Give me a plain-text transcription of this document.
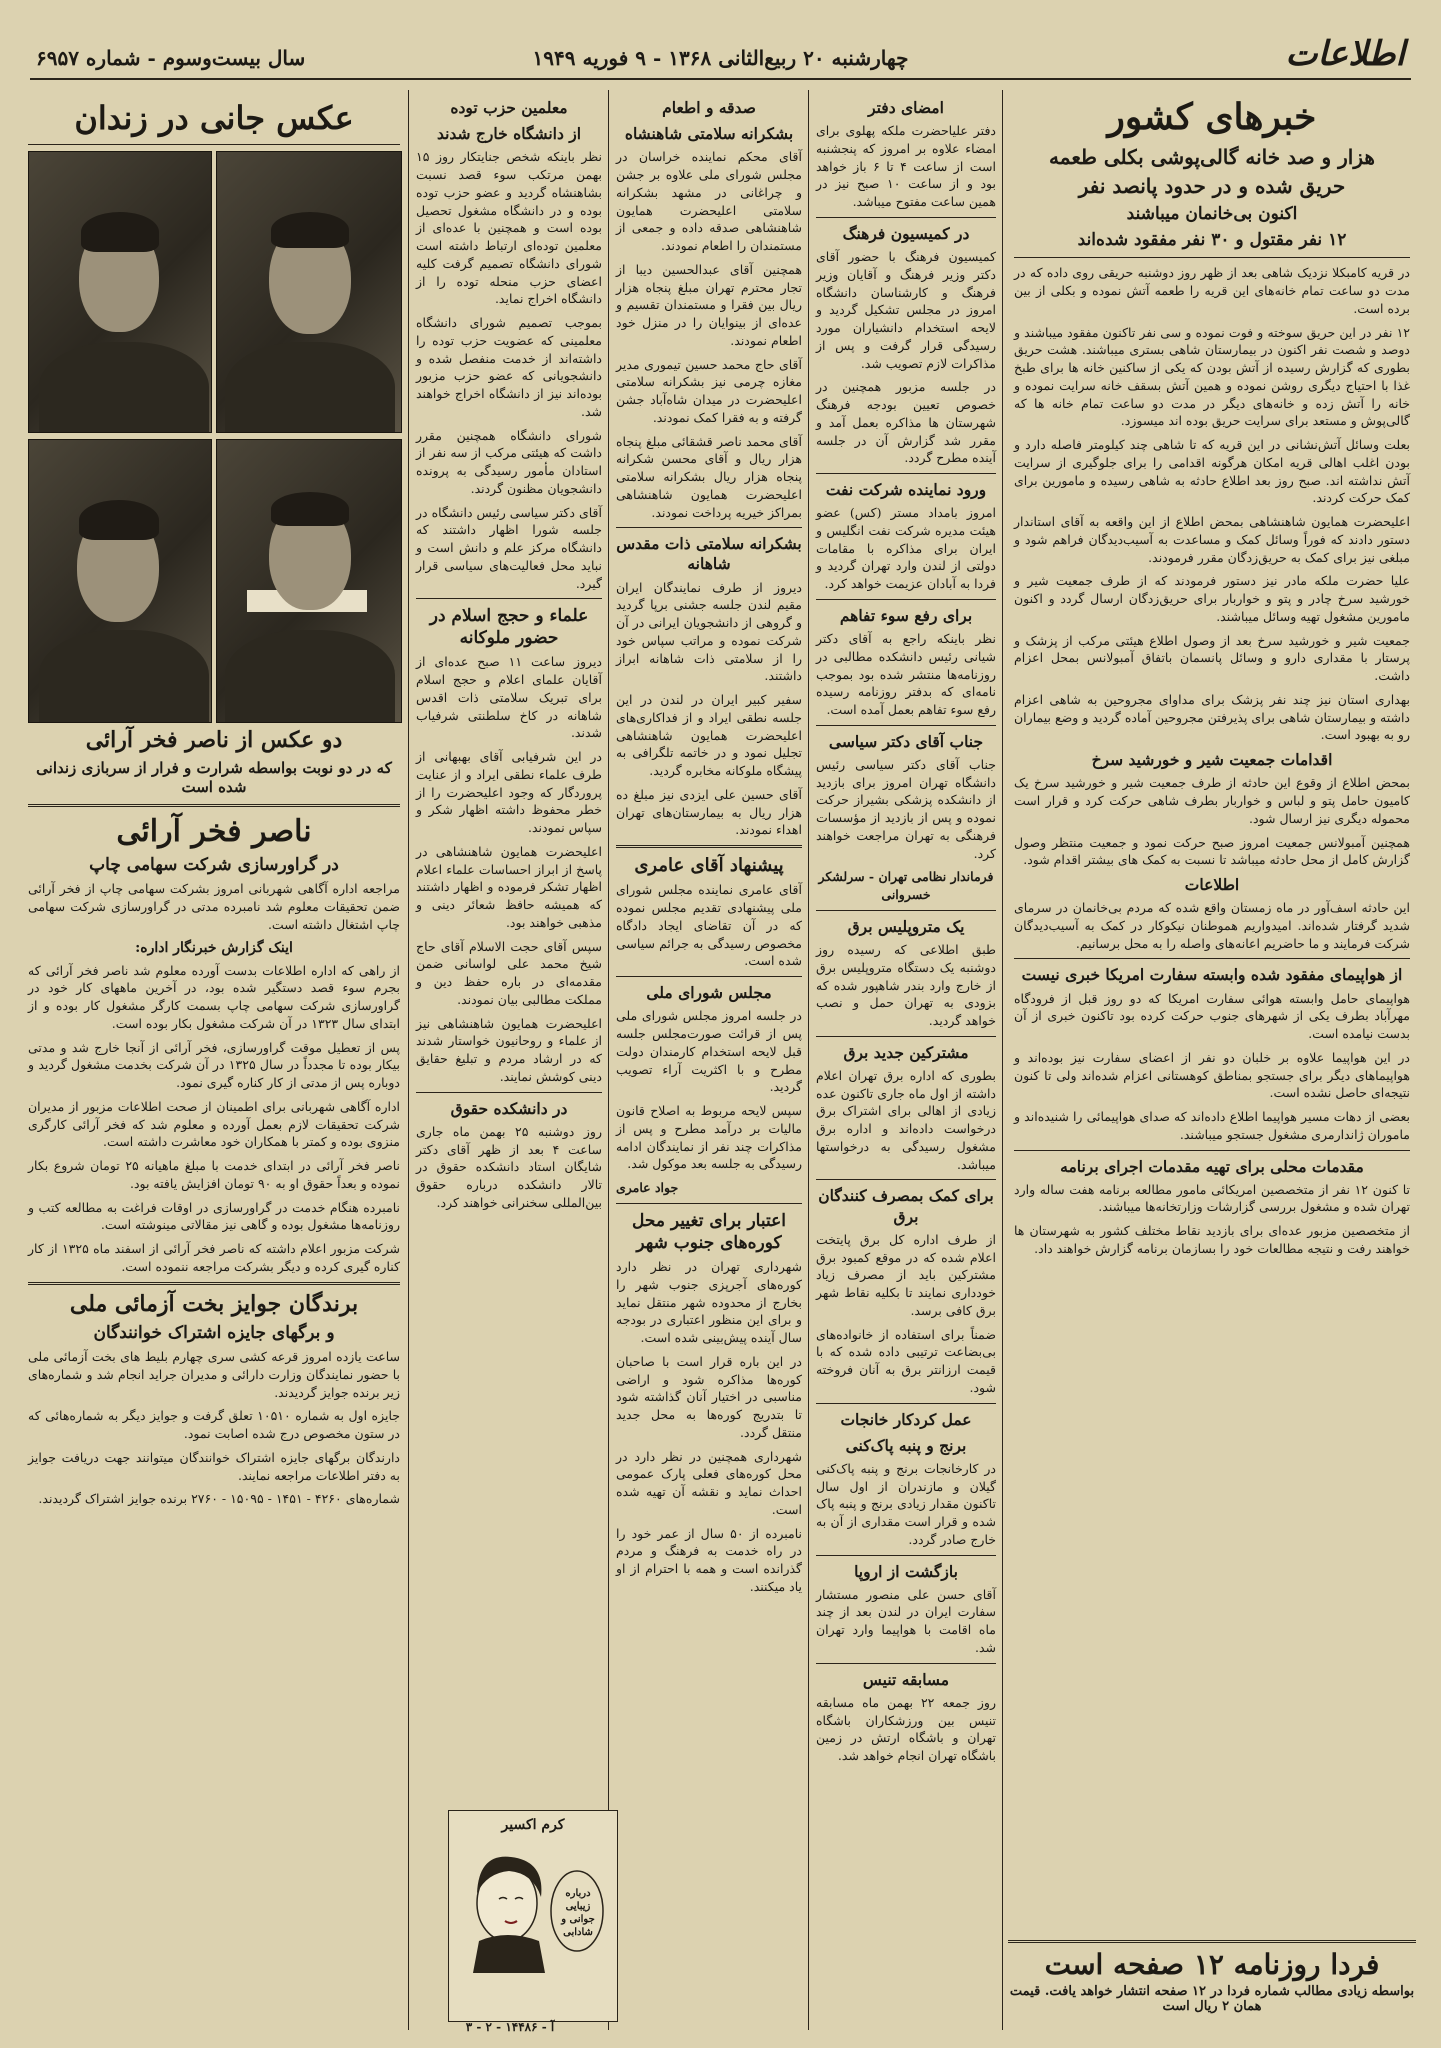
اطلاعات
چهارشنبه ۲۰ ربیع‌الثانی ۱۳۶۸ - ۹ فوریه ۱۹۴۹
سال بیست‌وسوم - شماره ۶۹۵۷
خبرهای کشور
هزار و صد خانه گالی‌پوشی بکلی طعمه
حریق شده و در حدود پانصد نفر
اکنون بی‌خانمان میباشند
۱۲ نفر مقتول و ۳۰ نفر مفقود شده‌اند

در قریه کامبکلا نزدیک شاهی بعد از ظهر روز دوشنبه حریقی روی داده که در مدت دو ساعت تمام خانه‌های این قریه را طعمه آتش نموده و بکلی از بین برده است.

۱۲ نفر در این حریق سوخته و فوت نموده و سی نفر تاکنون مفقود میباشند و دوصد و شصت نفر اکنون در بیمارستان شاهی بستری میباشند. هشت حریق بطوری که گزارش رسیده از آتش بودن که یکی از ساکنین خانه ها برای طبخ غذا با احتیاج دیگری روشن نموده و همین آتش بسقف خانه سرایت نموده و خانه را آتش زده و خانه‌های دیگر در مدت دو ساعت تمام خانه ها که گالی‌پوش و مستعد برای سرایت حریق بوده اند میسوزد.

بعلت وسائل آتش‌نشانی در این قریه که تا شاهی چند کیلومتر فاصله دارد و بودن اغلب اهالی قریه امکان هرگونه اقدامی را برای جلوگیری از سرایت آتش نداشته اند. صبح روز بعد اطلاع حادثه به شاهی رسیده و مامورین برای کمک حرکت کردند.

اعلیحضرت همایون شاهنشاهی بمحض اطلاع از این واقعه به آقای استاندار دستور دادند که فوراً وسائل کمک و مساعدت به آسیب‌دیدگان فراهم شود و مبلغی نیز برای کمک به حریق‌زدگان مقرر فرمودند.

علیا حضرت ملکه مادر نیز دستور فرمودند که از طرف جمعیت شیر و خورشید سرخ چادر و پتو و خواربار برای حریق‌زدگان ارسال گردد و اکنون مامورین مشغول تهیه وسائل میباشند.

جمعیت شیر و خورشید سرخ بعد از وصول اطلاع هیئتی مرکب از پزشک و پرستار با مقداری دارو و وسائل پانسمان باتفاق آمبولانس بمحل اعزام داشت.

بهداری استان نیز چند نفر پزشک برای مداوای مجروحین به شاهی اعزام داشته و بیمارستان شاهی برای پذیرفتن مجروحین آماده گردید و وضع بیماران رو به بهبود است.

اقدامات جمعیت شیر و خورشید سرخ

بمحض اطلاع از وقوع این حادثه از طرف جمعیت شیر و خورشید سرخ یک کامیون حامل پتو و لباس و خواربار بطرف شاهی حرکت کرد و قرار است محموله دیگری نیز ارسال شود.

همچنین آمبولانس جمعیت امروز صبح حرکت نمود و جمعیت منتظر وصول گزارش کامل از محل حادثه میباشد تا نسبت به کمک های بیشتر اقدام شود.

اطلاعات

این حادثه اسف‌آور در ماه زمستان واقع شده که مردم بی‌خانمان در سرمای شدید گرفتار شده‌اند. امیدواریم هموطنان نیکوکار در کمک به آسیب‌دیدگان شرکت فرمایند و ما حاضریم اعانه‌های واصله را به محل برسانیم.

از هواپیمای مفقود شده وابسته سفارت امریکا خبری نیست

هواپیمای حامل وابسته هوائی سفارت امریکا که دو روز قبل از فرودگاه مهرآباد بطرف یکی از شهرهای جنوب حرکت کرده بود تاکنون خبری از آن بدست نیامده است.

در این هواپیما علاوه بر خلبان دو نفر از اعضای سفارت نیز بوده‌اند و هواپیماهای دیگر برای جستجو بمناطق کوهستانی اعزام شده‌اند ولی تا کنون نتیجه‌ای حاصل نشده است.

بعضی از دهات مسیر هواپیما اطلاع داده‌اند که صدای هواپیمائی را شنیده‌اند و ماموران ژاندارمری مشغول جستجو میباشند.

مقدمات محلی برای تهیه مقدمات اجرای برنامه

تا کنون ۱۲ نفر از متخصصین امریکائی مامور مطالعه برنامه هفت ساله وارد تهران شده و مشغول بررسی گزارشات وزارتخانه‌ها میباشند.

از متخصصین مزبور عده‌ای برای بازدید نقاط مختلف کشور به شهرستان ها خواهند رفت و نتیجه مطالعات خود را بسازمان برنامه گزارش خواهند داد.

فردا روزنامه ۱۲ صفحه است
بواسطه زیادی مطالب شماره فردا در ۱۲ صفحه انتشار خواهد یافت. قیمت همان ۲ ریال است
امضای دفتر

دفتر علیاحضرت ملکه پهلوی برای امضاء علاوه بر امروز که پنجشنبه است از ساعت ۴ تا ۶ باز خواهد بود و از ساعت ۱۰ صبح نیز در همین ساعت مفتوح میباشد.

در کمیسیون فرهنگ

کمیسیون فرهنگ با حضور آقای دکتر وزیر فرهنگ و آقایان وزیر فرهنگ و کارشناسان دانشگاه امروز در مجلس تشکیل گردید و لایحه استخدام دانشیاران مورد رسیدگی قرار گرفت و پس از مذاکرات لازم تصویب شد.

در جلسه مزبور همچنین در خصوص تعیین بودجه فرهنگ شهرستان ها مذاکره بعمل آمد و مقرر شد گزارش آن در جلسه آینده مطرح گردد.

ورود نماینده شرکت نفت

امروز بامداد مستر (کس) عضو هیئت مدیره شرکت نفت انگلیس و ایران برای مذاکره با مقامات دولتی از لندن وارد تهران گردید و فردا به آبادان عزیمت خواهد کرد.

برای رفع سوء تفاهم

نظر باینکه راجع به آقای دکتر شیانی رئیس دانشکده مطالبی در روزنامه‌ها منتشر شده بود بموجب نامه‌ای که بدفتر روزنامه رسیده رفع سوء تفاهم بعمل آمده است.

جناب آقای دکتر سیاسی

جناب آقای دکتر سیاسی رئیس دانشگاه تهران امروز برای بازدید از دانشکده پزشکی بشیراز حرکت نموده و پس از بازدید از مؤسسات فرهنگی به تهران مراجعت خواهند کرد.

فرماندار نظامی تهران - سرلشکر خسروانی

یک متروپلیس برق

طبق اطلاعی که رسیده روز دوشنبه یک دستگاه متروپلیس برق از خارج وارد بندر شاهپور شده که بزودی به تهران حمل و نصب خواهد گردید.

مشترکین جدید برق

بطوری که اداره برق تهران اعلام داشته از اول ماه جاری تاکنون عده زیادی از اهالی برای اشتراک برق درخواست داده‌اند و اداره برق مشغول رسیدگی به درخواستها میباشد.

برای کمک بمصرف کنندگان برق

از طرف اداره کل برق پایتخت اعلام شده که در موقع کمبود برق مشترکین باید از مصرف زیاد خودداری نمایند تا بکلیه نقاط شهر برق کافی برسد.

ضمناً برای استفاده از خانواده‌های بی‌بضاعت ترتیبی داده شده که با قیمت ارزانتر برق به آنان فروخته شود.

عمل کردکار خانجات
برنج و پنبه پاک‌کنی

در کارخانجات برنج و پنبه پاک‌کنی گیلان و مازندران از اول سال تاکنون مقدار زیادی برنج و پنبه پاک شده و قرار است مقداری از آن به خارج صادر گردد.

بازگشت از اروپا

آقای حسن علی منصور مستشار سفارت ایران در لندن بعد از چند ماه اقامت با هواپیما وارد تهران شد.

مسابقه تنیس

روز جمعه ۲۲ بهمن ماه مسابقه تنیس بین ورزشکاران باشگاه تهران و باشگاه ارتش در زمین باشگاه تهران انجام خواهد شد.

صدقه و اطعام
بشکرانه سلامتی شاهنشاه

آقای محکم نماینده خراسان در مجلس شورای ملی علاوه بر جشن و چراغانی در مشهد بشکرانه سلامتی اعلیحضرت همایون شاهنشاهی صدقه داده و جمعی از مستمندان را اطعام نمودند.

همچنین آقای عبدالحسین دیبا از تجار محترم تهران مبلغ پنجاه هزار ریال بین فقرا و مستمندان تقسیم و عده‌ای از بینوایان را در منزل خود اطعام نمودند.

آقای حاج محمد حسین تیموری مدیر مغازه چرمی نیز بشکرانه سلامتی اعلیحضرت در میدان شاه‌آباد جشن گرفته و به فقرا کمک نمودند.

آقای محمد ناصر قشقائی مبلغ پنجاه هزار ریال و آقای محسن شکرانه پنجاه هزار ریال بشکرانه سلامتی اعلیحضرت همایون شاهنشاهی بمراکز خیریه پرداخت نمودند.

بشکرانه سلامتی ذات مقدس شاهانه

دیروز از طرف نمایندگان ایران مقیم لندن جلسه جشنی برپا گردید و گروهی از دانشجویان ایرانی در آن شرکت نموده و مراتب سپاس خود را از سلامتی ذات شاهانه ابراز داشتند.

سفیر کبیر ایران در لندن در این جلسه نطقی ایراد و از فداکاری‌های اعلیحضرت همایون شاهنشاهی تجلیل نمود و در خاتمه تلگرافی به پیشگاه ملوکانه مخابره گردید.

آقای حسین علی ایزدی نیز مبلغ ده هزار ریال به بیمارستان‌های تهران اهداء نمودند.

پیشنهاد آقای عامری

آقای عامری نماینده مجلس شورای ملی پیشنهادی تقدیم مجلس نموده که در آن تقاضای ایجاد دادگاه مخصوص رسیدگی به جرائم سیاسی شده است.

مجلس شورای ملی

در جلسه امروز مجلس شورای ملی پس از قرائت صورت‌مجلس جلسه قبل لایحه استخدام کارمندان دولت مطرح و با اکثریت آراء تصویب گردید.

سپس لایحه مربوط به اصلاح قانون مالیات بر درآمد مطرح و پس از مذاکرات چند نفر از نمایندگان ادامه رسیدگی به جلسه بعد موکول شد.

جواد عامری

اعتبار برای تغییر محل کوره‌های جنوب شهر

شهرداری تهران در نظر دارد کوره‌های آجرپزی جنوب شهر را بخارج از محدوده شهر منتقل نماید و برای این منظور اعتباری در بودجه سال آینده پیش‌بینی شده است.

در این باره قرار است با صاحبان کوره‌ها مذاکره شود و اراضی مناسبی در اختیار آنان گذاشته شود تا بتدریج کوره‌ها به محل جدید منتقل گردد.

شهرداری همچنین در نظر دارد در محل کوره‌های فعلی پارک عمومی احداث نماید و نقشه آن تهیه شده است.

نامبرده از ۵۰ سال از عمر خود را در راه خدمت به فرهنگ و مردم گذرانده است و همه با احترام از او یاد میکنند.

معلمین حزب توده
از دانشگاه خارج شدند

نظر باینکه شخص جنایتکار روز ۱۵ بهمن مرتکب سوء قصد نسبت بشاهنشاه گردید و عضو حزب توده بوده و در دانشگاه مشغول تحصیل بوده است و همچنین با عده‌ای از معلمین توده‌ای ارتباط داشته است شورای دانشگاه تصمیم گرفت کلیه اعضای حزب منحله توده را از دانشگاه اخراج نماید.

بموجب تصمیم شورای دانشگاه معلمینی که عضویت حزب توده را داشته‌اند از خدمت منفصل شده و دانشجویانی که عضو حزب مزبور بوده‌اند نیز از دانشگاه اخراج خواهند شد.

شورای دانشگاه همچنین مقرر داشت که هیئتی مرکب از سه نفر از استادان مأمور رسیدگی به پرونده دانشجویان مظنون گردند.

آقای دکتر سیاسی رئیس دانشگاه در جلسه شورا اظهار داشتند که دانشگاه مرکز علم و دانش است و نباید محل فعالیت‌های سیاسی قرار گیرد.

علماء و حجج اسلام در حضور ملوکانه

دیروز ساعت ۱۱ صبح عده‌ای از آقایان علمای اعلام و حجج اسلام برای تبریک سلامتی ذات اقدس شاهانه در کاخ سلطنتی شرفیاب شدند.

در این شرفیابی آقای بهبهانی از طرف علماء نطقی ایراد و از عنایت پروردگار که وجود اعلیحضرت را از خطر محفوظ داشته اظهار شکر و سپاس نمودند.

اعلیحضرت همایون شاهنشاهی در پاسخ از ابراز احساسات علماء اعلام اظهار تشکر فرموده و اظهار داشتند که همیشه حافظ شعائر دینی و مذهبی خواهند بود.

سپس آقای حجت الاسلام آقای حاج شیخ محمد علی لواسانی ضمن مقدمه‌ای در باره حفظ دین و مملکت مطالبی بیان نمودند.

اعلیحضرت همایون شاهنشاهی نیز از علماء و روحانیون خواستار شدند که در ارشاد مردم و تبلیغ حقایق دینی کوشش نمایند.

در دانشکده حقوق

روز دوشنبه ۲۵ بهمن ماه جاری ساعت ۴ بعد از ظهر آقای دکتر شایگان استاد دانشکده حقوق در تالار دانشکده درباره حقوق بین‌المللی سخنرانی خواهند کرد.

کرم اکسیر
درباره زیبایی
جوانی و شادابی
آ - ۱۴۴۸۶ - ۲ - ۳
عکس جانی در زندان
دو عکس از ناصر فخر آرائی
که در دو نوبت بواسطه شرارت و فرار از سربازی زندانی شده است
ناصر فخر آرائی
در گراورسازی شرکت سهامی چاپ

مراجعه اداره آگاهی شهربانی امروز بشرکت سهامی چاپ از فخر آرائی ضمن تحقیقات معلوم شد نامبرده مدتی در گراورسازی شرکت سهامی چاپ اشتغال داشته است.

اینک گزارش خبرنگار اداره:

از راهی که اداره اطلاعات بدست آورده معلوم شد ناصر فخر آرائی که بجرم سوء قصد دستگیر شده بود، در آخرین ماههای کار خود در گراورسازی شرکت سهامی چاپ بسمت کارگر مشغول کار بوده و از ابتدای سال ۱۳۲۳ در آن شرکت مشغول بکار بوده است.

پس از تعطیل موقت گراورسازی، فخر آرائی از آنجا خارج شد و مدتی بیکار بوده تا مجدداً در سال ۱۳۲۵ در آن شرکت بخدمت مشغول گردید و دوباره پس از مدتی از کار کناره گیری نمود.

اداره آگاهی شهربانی برای اطمینان از صحت اطلاعات مزبور از مدیران شرکت تحقیقات لازم بعمل آورده و معلوم شد که فخر آرائی کارگری منزوی بوده و کمتر با همکاران خود معاشرت داشته است.

ناصر فخر آرائی در ابتدای خدمت با مبلغ ماهیانه ۲۵ تومان شروع بکار نموده و بعداً حقوق او به ۹۰ تومان افزایش یافته بود.

نامبرده هنگام خدمت در گراورسازی در اوقات فراغت به مطالعه کتب و روزنامه‌ها مشغول بوده و گاهی نیز مقالاتی مینوشته است.

شرکت مزبور اعلام داشته که ناصر فخر آرائی از اسفند ماه ۱۳۲۵ از کار کناره گیری کرده و دیگر بشرکت مراجعه ننموده است.

برندگان جوایز بخت آزمائی ملی
و برگهای جایزه اشتراک خوانندگان

ساعت یازده امروز قرعه کشی سری چهارم بلیط های بخت آزمائی ملی با حضور نمایندگان وزارت دارائی و مدیران جراید انجام شد و شماره‌های زیر برنده جوایز گردیدند.

جایزه اول به شماره ۱۰۵۱۰ تعلق گرفت و جوایز دیگر به شماره‌هائی که در ستون مخصوص درج شده اصابت نمود.

دارندگان برگهای جایزه اشتراک خوانندگان میتوانند جهت دریافت جوایز به دفتر اطلاعات مراجعه نمایند.

شماره‌های ۴۲۶۰ - ۱۴۵۱ - ۱۵۰۹۵ - ۲۷۶۰ برنده جوایز اشتراک گردیدند.
